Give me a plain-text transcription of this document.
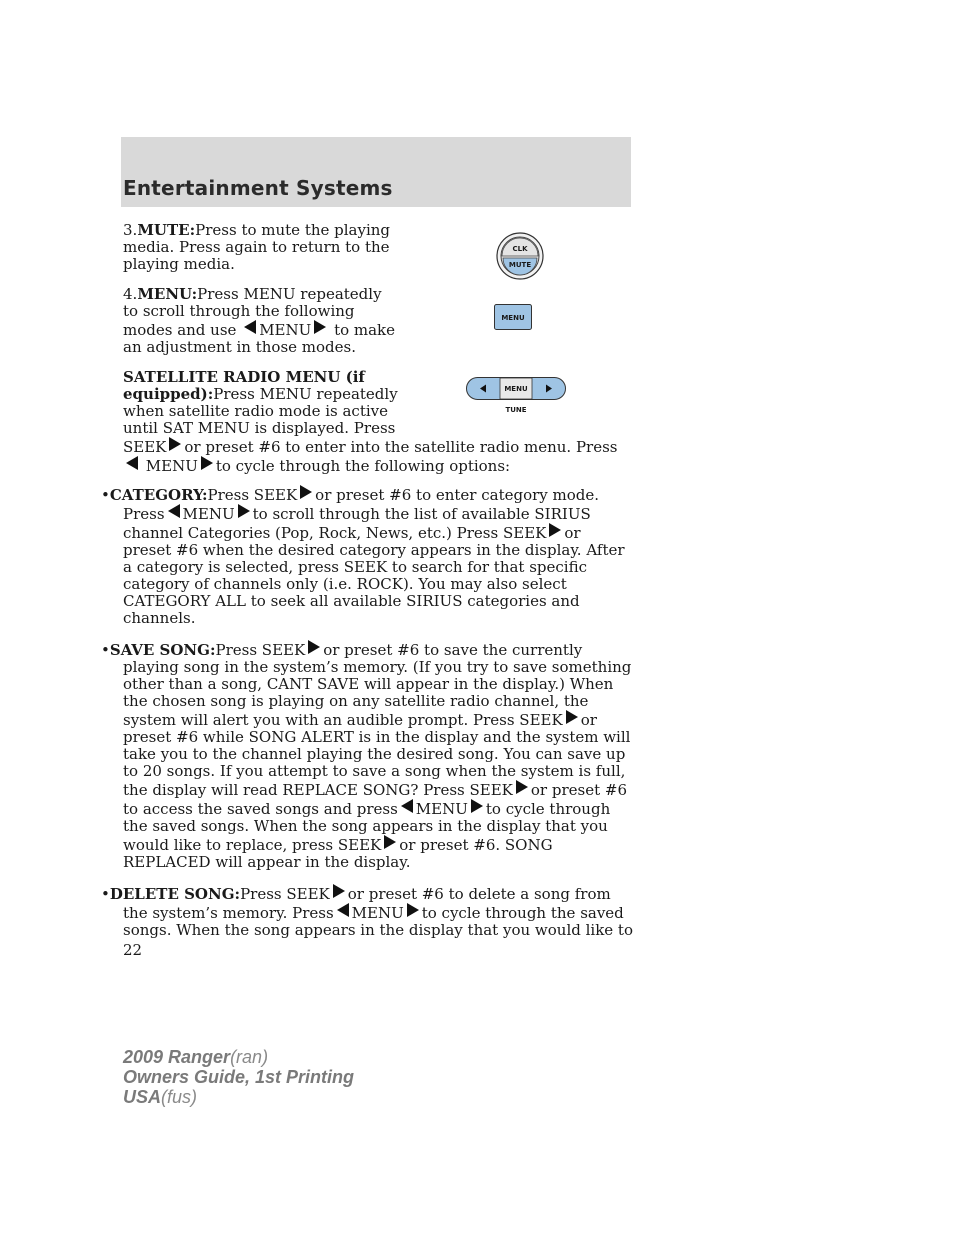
Entertainment Systems
CLK
MUTE
MENU
MENU
TUNE

3.MUTE:Press to mute the playing media. Press again to return to the playing media.

4.MENU:Press MENU repeatedly to scroll through the following modes and use MENU to make an adjustment in those modes.

SATELLITE RADIO MENU (if equipped):Press MENU repeatedly when satellite radio mode is active until SAT MENU is displayed. Press
SEEK or preset #6 to enter into the satellite radio menu. Press MENU to cycle through the following options:

•CATEGORY:Press SEEK or preset #6 to enter category mode. Press MENU to scroll through the list of available SIRIUS channel Categories (Pop, Rock, News, etc.) Press SEEK or preset #6 when the desired category appears in the display. After a category is selected, press SEEK to search for that specific category of channels only (i.e. ROCK). You may also select CATEGORY ALL to seek all available SIRIUS categories and channels.

•SAVE SONG:Press SEEK or preset #6 to save the currently playing song in the system’s memory. (If you try to save something other than a song, CANT SAVE will appear in the display.) When the chosen song is playing on any satellite radio channel, the system will alert you with an audible prompt. Press SEEK or preset #6 while SONG ALERT is in the display and the system will take you to the channel playing the desired song. You can save up to 20 songs. If you attempt to save a song when the system is full, the display will read REPLACE SONG? Press SEEK or preset #6 to access the saved songs and press MENU to cycle through the saved songs. When the song appears in the display that you would like to replace, press SEEK or preset #6. SONG REPLACED will appear in the display.

•DELETE SONG:Press SEEK or preset #6 to delete a song from the system’s memory. Press MENU to cycle through the saved songs. When the song appears in the display that you would like to

22
2009 Ranger(ran)
Owners Guide, 1st Printing
USA(fus)
